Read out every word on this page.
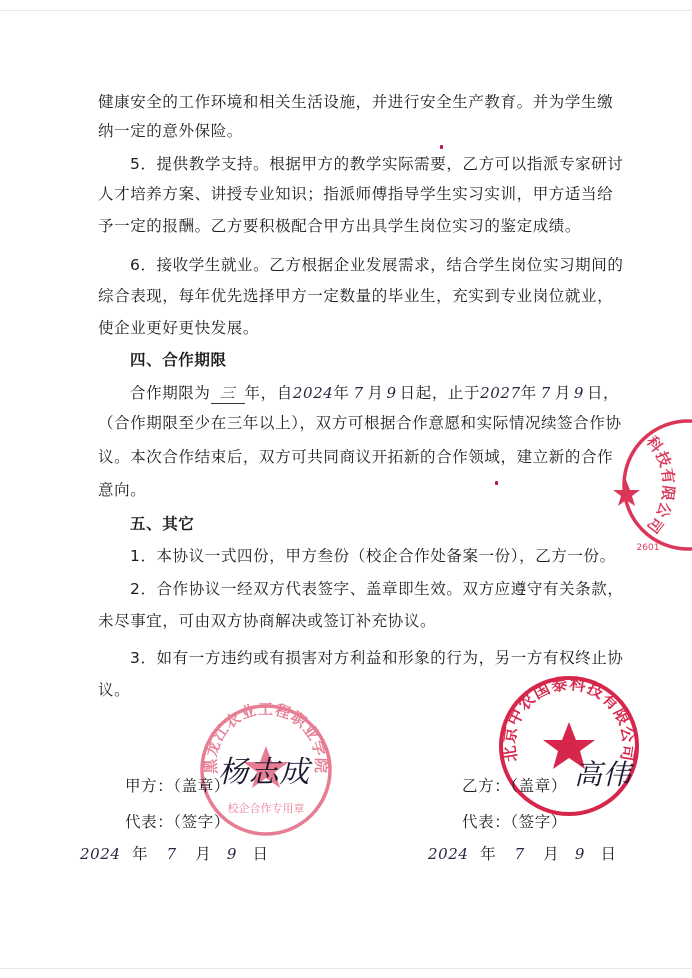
健康安全的工作环境和相关生活设施，并进行安全生产教育。并为学生缴
纳一定的意外保险。
5．提供教学支持。根据甲方的教学实际需要，乙方可以指派专家研讨
人才培养方案、讲授专业知识；指派师傅指导学生实习实训，甲方适当给
予一定的报酬。乙方要积极配合甲方出具学生岗位实习的鉴定成绩。
6．接收学生就业。乙方根据企业发展需求，结合学生岗位实习期间的
综合表现，每年优先选择甲方一定数量的毕业生，充实到专业岗位就业，
使企业更好更快发展。
四、合作期限
合作期限为 三 年，自2024年 7 月 9 日起，止于2027年 7 月 9 日，
（合作期限至少在三年以上），双方可根据合作意愿和实际情况续签合作协
议。本次合作结束后，双方可共同商议开拓新的合作领域，建立新的合作
意向。
五、其它
1．本协议一式四份，甲方叁份（校企合作处备案一份），乙方一份。
2．合作协议一经双方代表签字、盖章即生效。双方应遵守有关条款，
未尽事宜，可由双方协商解决或签订补充协议。
3．如有一方违约或有损害对方利益和形象的行为，另一方有权终止协
议。
黑龙江农业工程职业学院
校企合作专用章
北京中农国泰科技有限公司
科技有限公司
2601
甲方：（盖章）
代表：（签字）
杨志成
2024 年 7 月 9 日
乙方：（盖章）
代表：（签字）
高伟
2024 年 7 月 9 日
